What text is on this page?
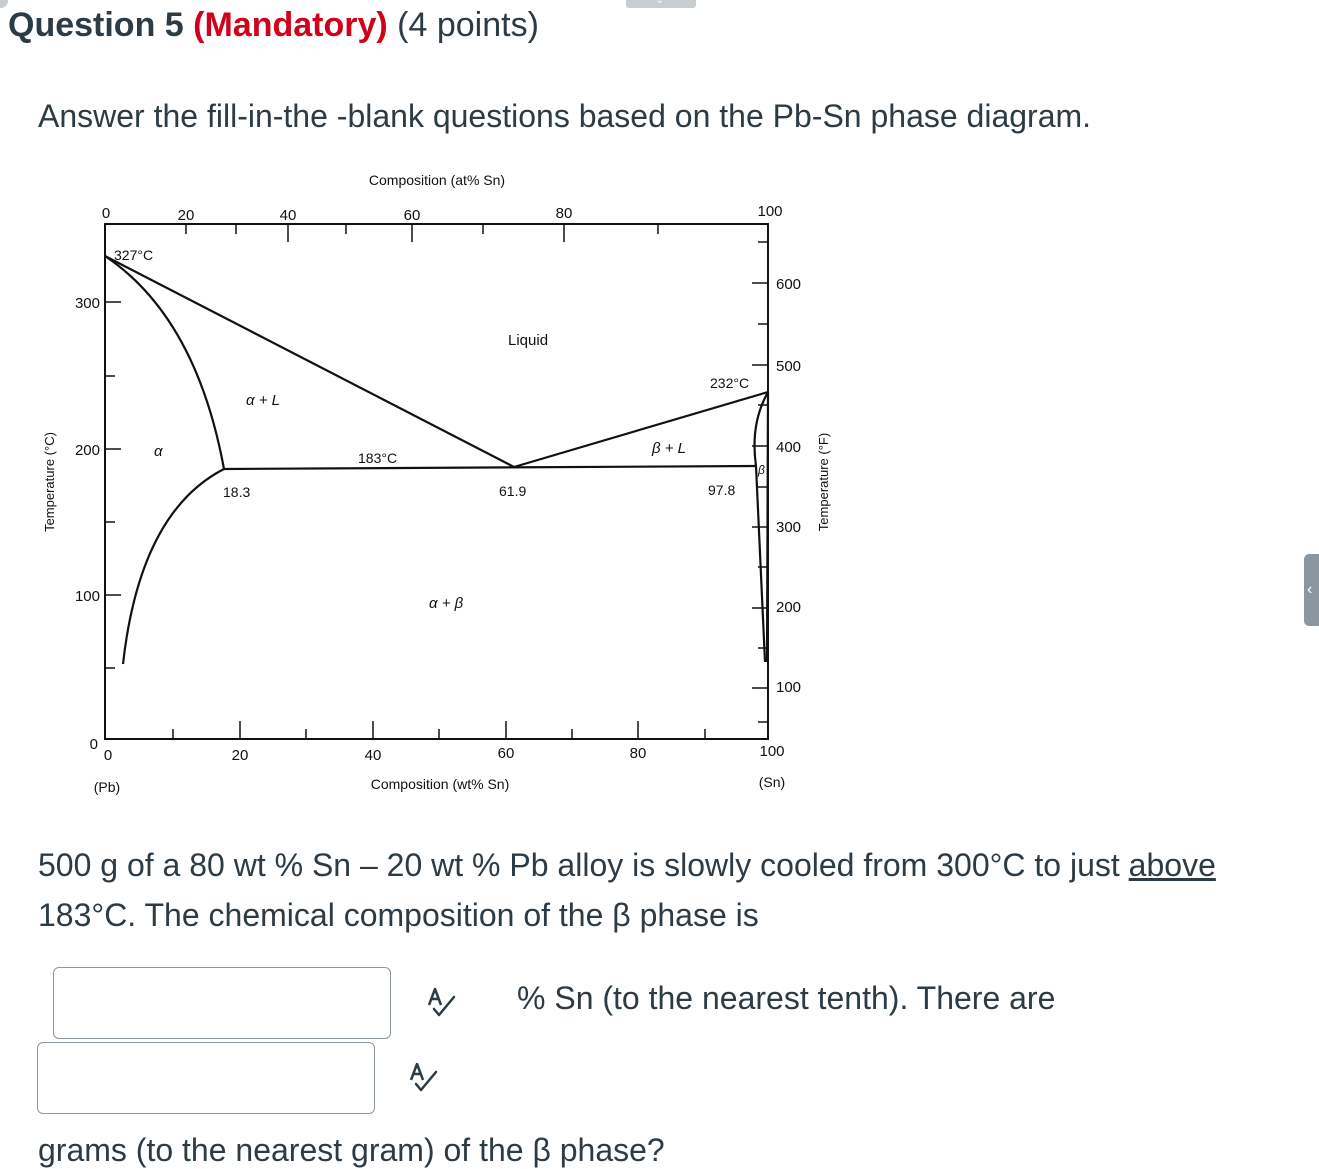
⌄
Question 5 (Mandatory) (4 points)
Answer the fill-in-the -blank questions based on the Pb-Sn phase diagram.
‹
Composition (at% Sn)
Composition (wt% Sn)
Temperature (°C)	Temperature (°F)
0	20	40	60	80	100
0	20	40	60	80	100
(Pb)	(Sn)
0
100
200
300
100
200
300
400
500
600
327°C
232°C
183°C
18.3	61.9	97.8
Liquid
α + L
α	β + L
β
α + β
500 g of a 80 wt % Sn – 20 wt % Pb alloy is slowly cooled from 300°C to just above 183°C. The chemical composition of the β phase is
% Sn (to the nearest tenth). There are
grams (to the nearest gram) of the β phase?
